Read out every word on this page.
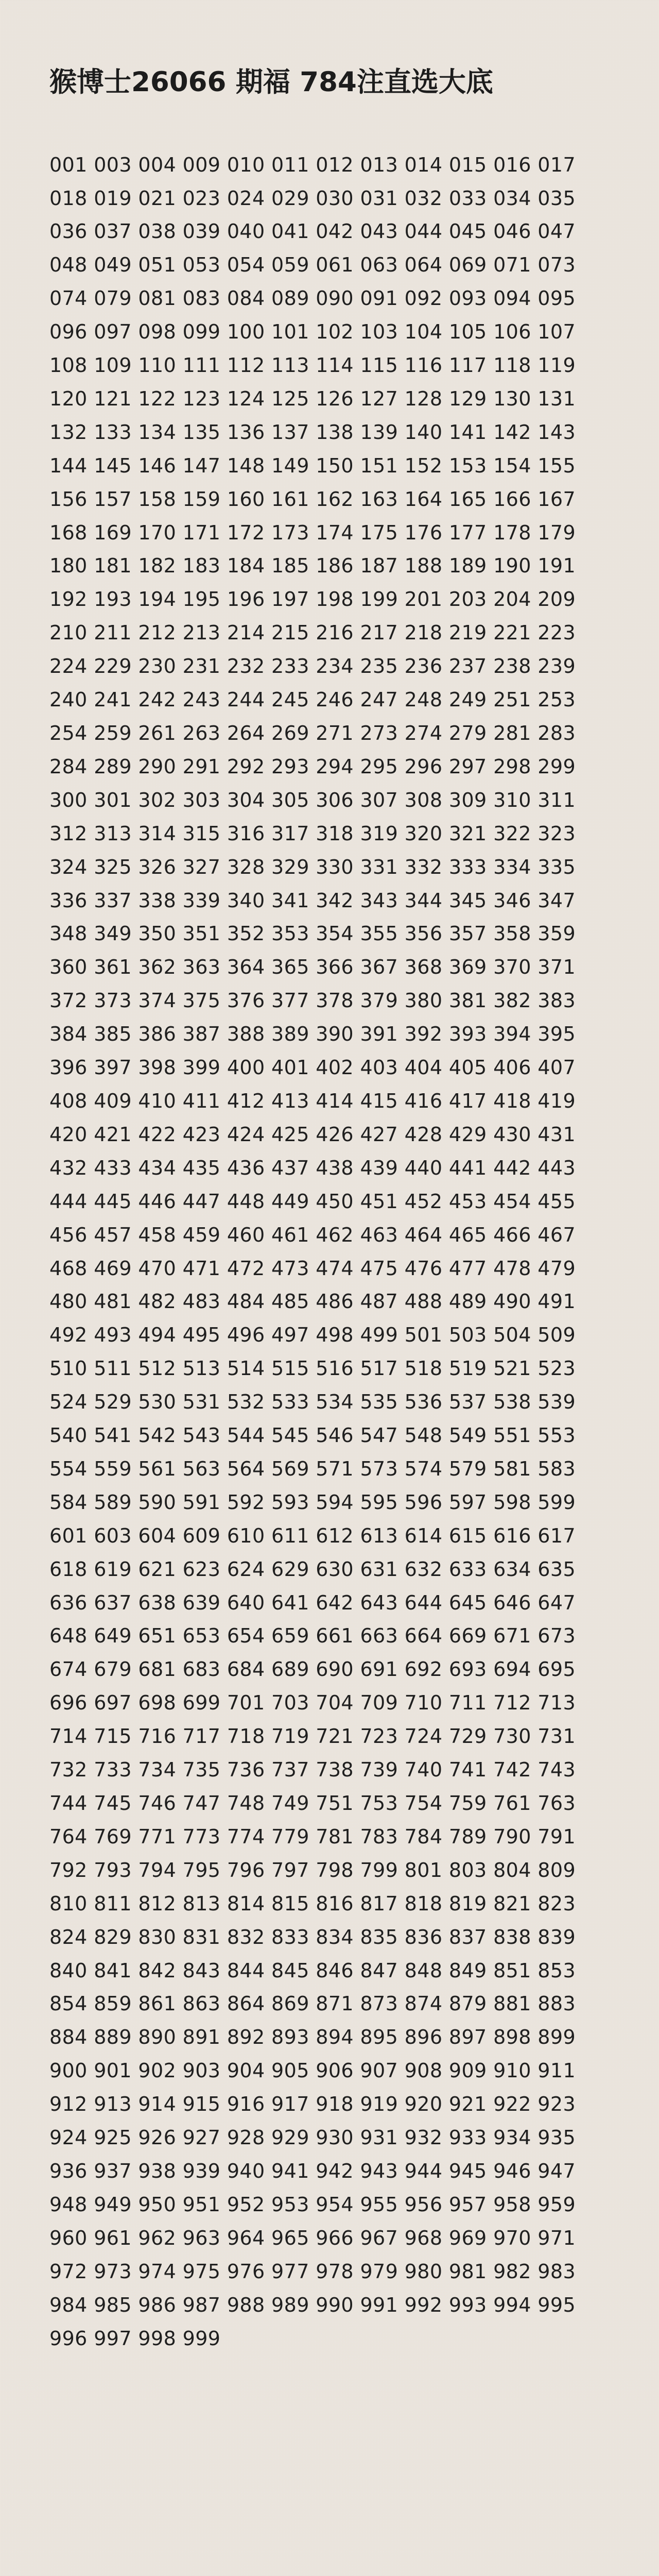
猴博士26066 期福 784注直选大底

001 003 004 009 010 011 012 013 014 015 016 017 018 019 021 023 024 029 030 031 032 033 034 035 036 037 038 039 040 041 042 043 044 045 046 047 048 049 051 053 054 059 061 063 064 069 071 073 074 079 081 083 084 089 090 091 092 093 094 095 096 097 098 099 100 101 102 103 104 105 106 107 108 109 110 111 112 113 114 115 116 117 118 119 120 121 122 123 124 125 126 127 128 129 130 131 132 133 134 135 136 137 138 139 140 141 142 143 144 145 146 147 148 149 150 151 152 153 154 155 156 157 158 159 160 161 162 163 164 165 166 167 168 169 170 171 172 173 174 175 176 177 178 179 180 181 182 183 184 185 186 187 188 189 190 191 192 193 194 195 196 197 198 199 201 203 204 209 210 211 212 213 214 215 216 217 218 219 221 223 224 229 230 231 232 233 234 235 236 237 238 239 240 241 242 243 244 245 246 247 248 249 251 253 254 259 261 263 264 269 271 273 274 279 281 283 284 289 290 291 292 293 294 295 296 297 298 299 300 301 302 303 304 305 306 307 308 309 310 311 312 313 314 315 316 317 318 319 320 321 322 323 324 325 326 327 328 329 330 331 332 333 334 335 336 337 338 339 340 341 342 343 344 345 346 347 348 349 350 351 352 353 354 355 356 357 358 359 360 361 362 363 364 365 366 367 368 369 370 371 372 373 374 375 376 377 378 379 380 381 382 383 384 385 386 387 388 389 390 391 392 393 394 395 396 397 398 399 400 401 402 403 404 405 406 407 408 409 410 411 412 413 414 415 416 417 418 419 420 421 422 423 424 425 426 427 428 429 430 431 432 433 434 435 436 437 438 439 440 441 442 443 444 445 446 447 448 449 450 451 452 453 454 455 456 457 458 459 460 461 462 463 464 465 466 467 468 469 470 471 472 473 474 475 476 477 478 479 480 481 482 483 484 485 486 487 488 489 490 491 492 493 494 495 496 497 498 499 501 503 504 509 510 511 512 513 514 515 516 517 518 519 521 523 524 529 530 531 532 533 534 535 536 537 538 539 540 541 542 543 544 545 546 547 548 549 551 553 554 559 561 563 564 569 571 573 574 579 581 583 584 589 590 591 592 593 594 595 596 597 598 599 601 603 604 609 610 611 612 613 614 615 616 617 618 619 621 623 624 629 630 631 632 633 634 635 636 637 638 639 640 641 642 643 644 645 646 647 648 649 651 653 654 659 661 663 664 669 671 673 674 679 681 683 684 689 690 691 692 693 694 695 696 697 698 699 701 703 704 709 710 711 712 713 714 715 716 717 718 719 721 723 724 729 730 731 732 733 734 735 736 737 738 739 740 741 742 743 744 745 746 747 748 749 751 753 754 759 761 763 764 769 771 773 774 779 781 783 784 789 790 791 792 793 794 795 796 797 798 799 801 803 804 809 810 811 812 813 814 815 816 817 818 819 821 823 824 829 830 831 832 833 834 835 836 837 838 839 840 841 842 843 844 845 846 847 848 849 851 853 854 859 861 863 864 869 871 873 874 879 881 883 884 889 890 891 892 893 894 895 896 897 898 899 900 901 902 903 904 905 906 907 908 909 910 911 912 913 914 915 916 917 918 919 920 921 922 923 924 925 926 927 928 929 930 931 932 933 934 935 936 937 938 939 940 941 942 943 944 945 946 947 948 949 950 951 952 953 954 955 956 957 958 959 960 961 962 963 964 965 966 967 968 969 970 971 972 973 974 975 976 977 978 979 980 981 982 983 984 985 986 987 988 989 990 991 992 993 994 995 996 997 998 999
